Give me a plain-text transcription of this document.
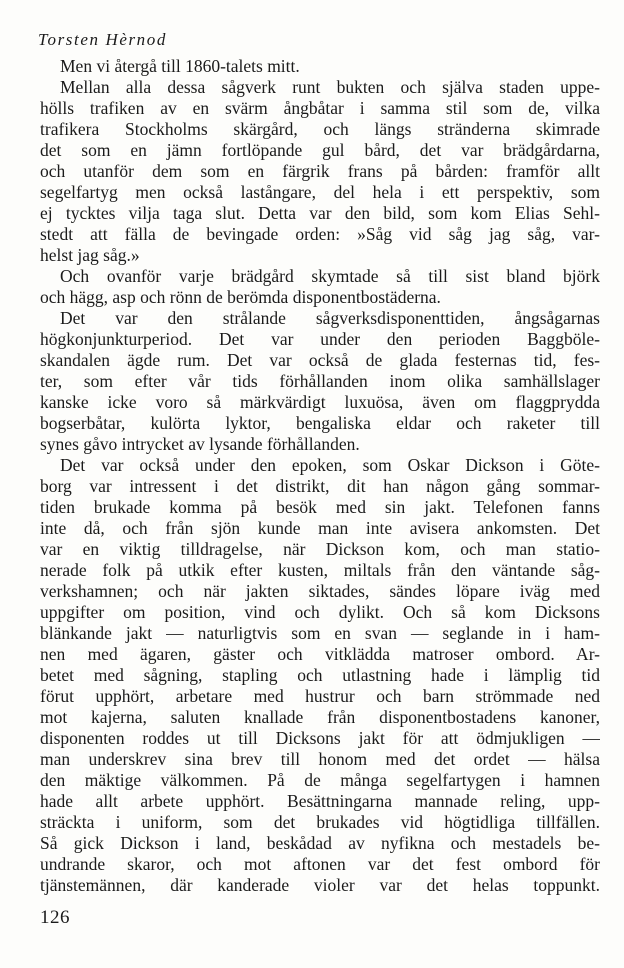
Torsten Hèrnod
Men vi återgå till 1860-talets mitt.
Mellan alla dessa sågverk runt bukten och själva staden uppe-
hölls trafiken av en svärm ångbåtar i samma stil som de, vilka
trafikera Stockholms skärgård, och längs stränderna skimrade
det som en jämn fortlöpande gul bård, det var brädgårdarna,
och utanför dem som en färgrik frans på bården: framför allt
segelfartyg men också lastångare, del hela i ett perspektiv, som
ej tycktes vilja taga slut. Detta var den bild, som kom Elias Sehl-
stedt att fälla de bevingade orden: »Såg vid såg jag såg, var-
helst jag såg.»
Och ovanför varje brädgård skymtade så till sist bland björk
och hägg, asp och rönn de berömda disponentbostäderna.
Det var den strålande sågverksdisponenttiden, ångsågarnas
högkonjunkturperiod. Det var under den perioden Baggböle-
skandalen ägde rum. Det var också de glada festernas tid, fes-
ter, som efter vår tids förhållanden inom olika samhällslager
kanske icke voro så märkvärdigt luxuösa, även om flaggprydda
bogserbåtar, kulörta lyktor, bengaliska eldar och raketer till
synes gåvo intrycket av lysande förhållanden.
Det var också under den epoken, som Oskar Dickson i Göte-
borg var intressent i det distrikt, dit han någon gång sommar-
tiden brukade komma på besök med sin jakt. Telefonen fanns
inte då, och från sjön kunde man inte avisera ankomsten. Det
var en viktig tilldragelse, när Dickson kom, och man statio-
nerade folk på utkik efter kusten, miltals från den väntande såg-
verkshamnen; och när jakten siktades, sändes löpare iväg med
uppgifter om position, vind och dylikt. Och så kom Dicksons
blänkande jakt — naturligtvis som en svan — seglande in i ham-
nen med ägaren, gäster och vitklädda matroser ombord. Ar-
betet med sågning, stapling och utlastning hade i lämplig tid
förut upphört, arbetare med hustrur och barn strömmade ned
mot kajerna, saluten knallade från disponentbostadens kanoner,
disponenten roddes ut till Dicksons jakt för att ödmjukligen —
man underskrev sina brev till honom med det ordet — hälsa
den mäktige välkommen. På de många segelfartygen i hamnen
hade allt arbete upphört. Besättningarna mannade reling, upp-
sträckta i uniform, som det brukades vid högtidliga tillfällen.
Så gick Dickson i land, beskådad av nyfikna och mestadels be-
undrande skaror, och mot aftonen var det fest ombord för
tjänstemännen, där kanderade violer var det helas toppunkt.
126
